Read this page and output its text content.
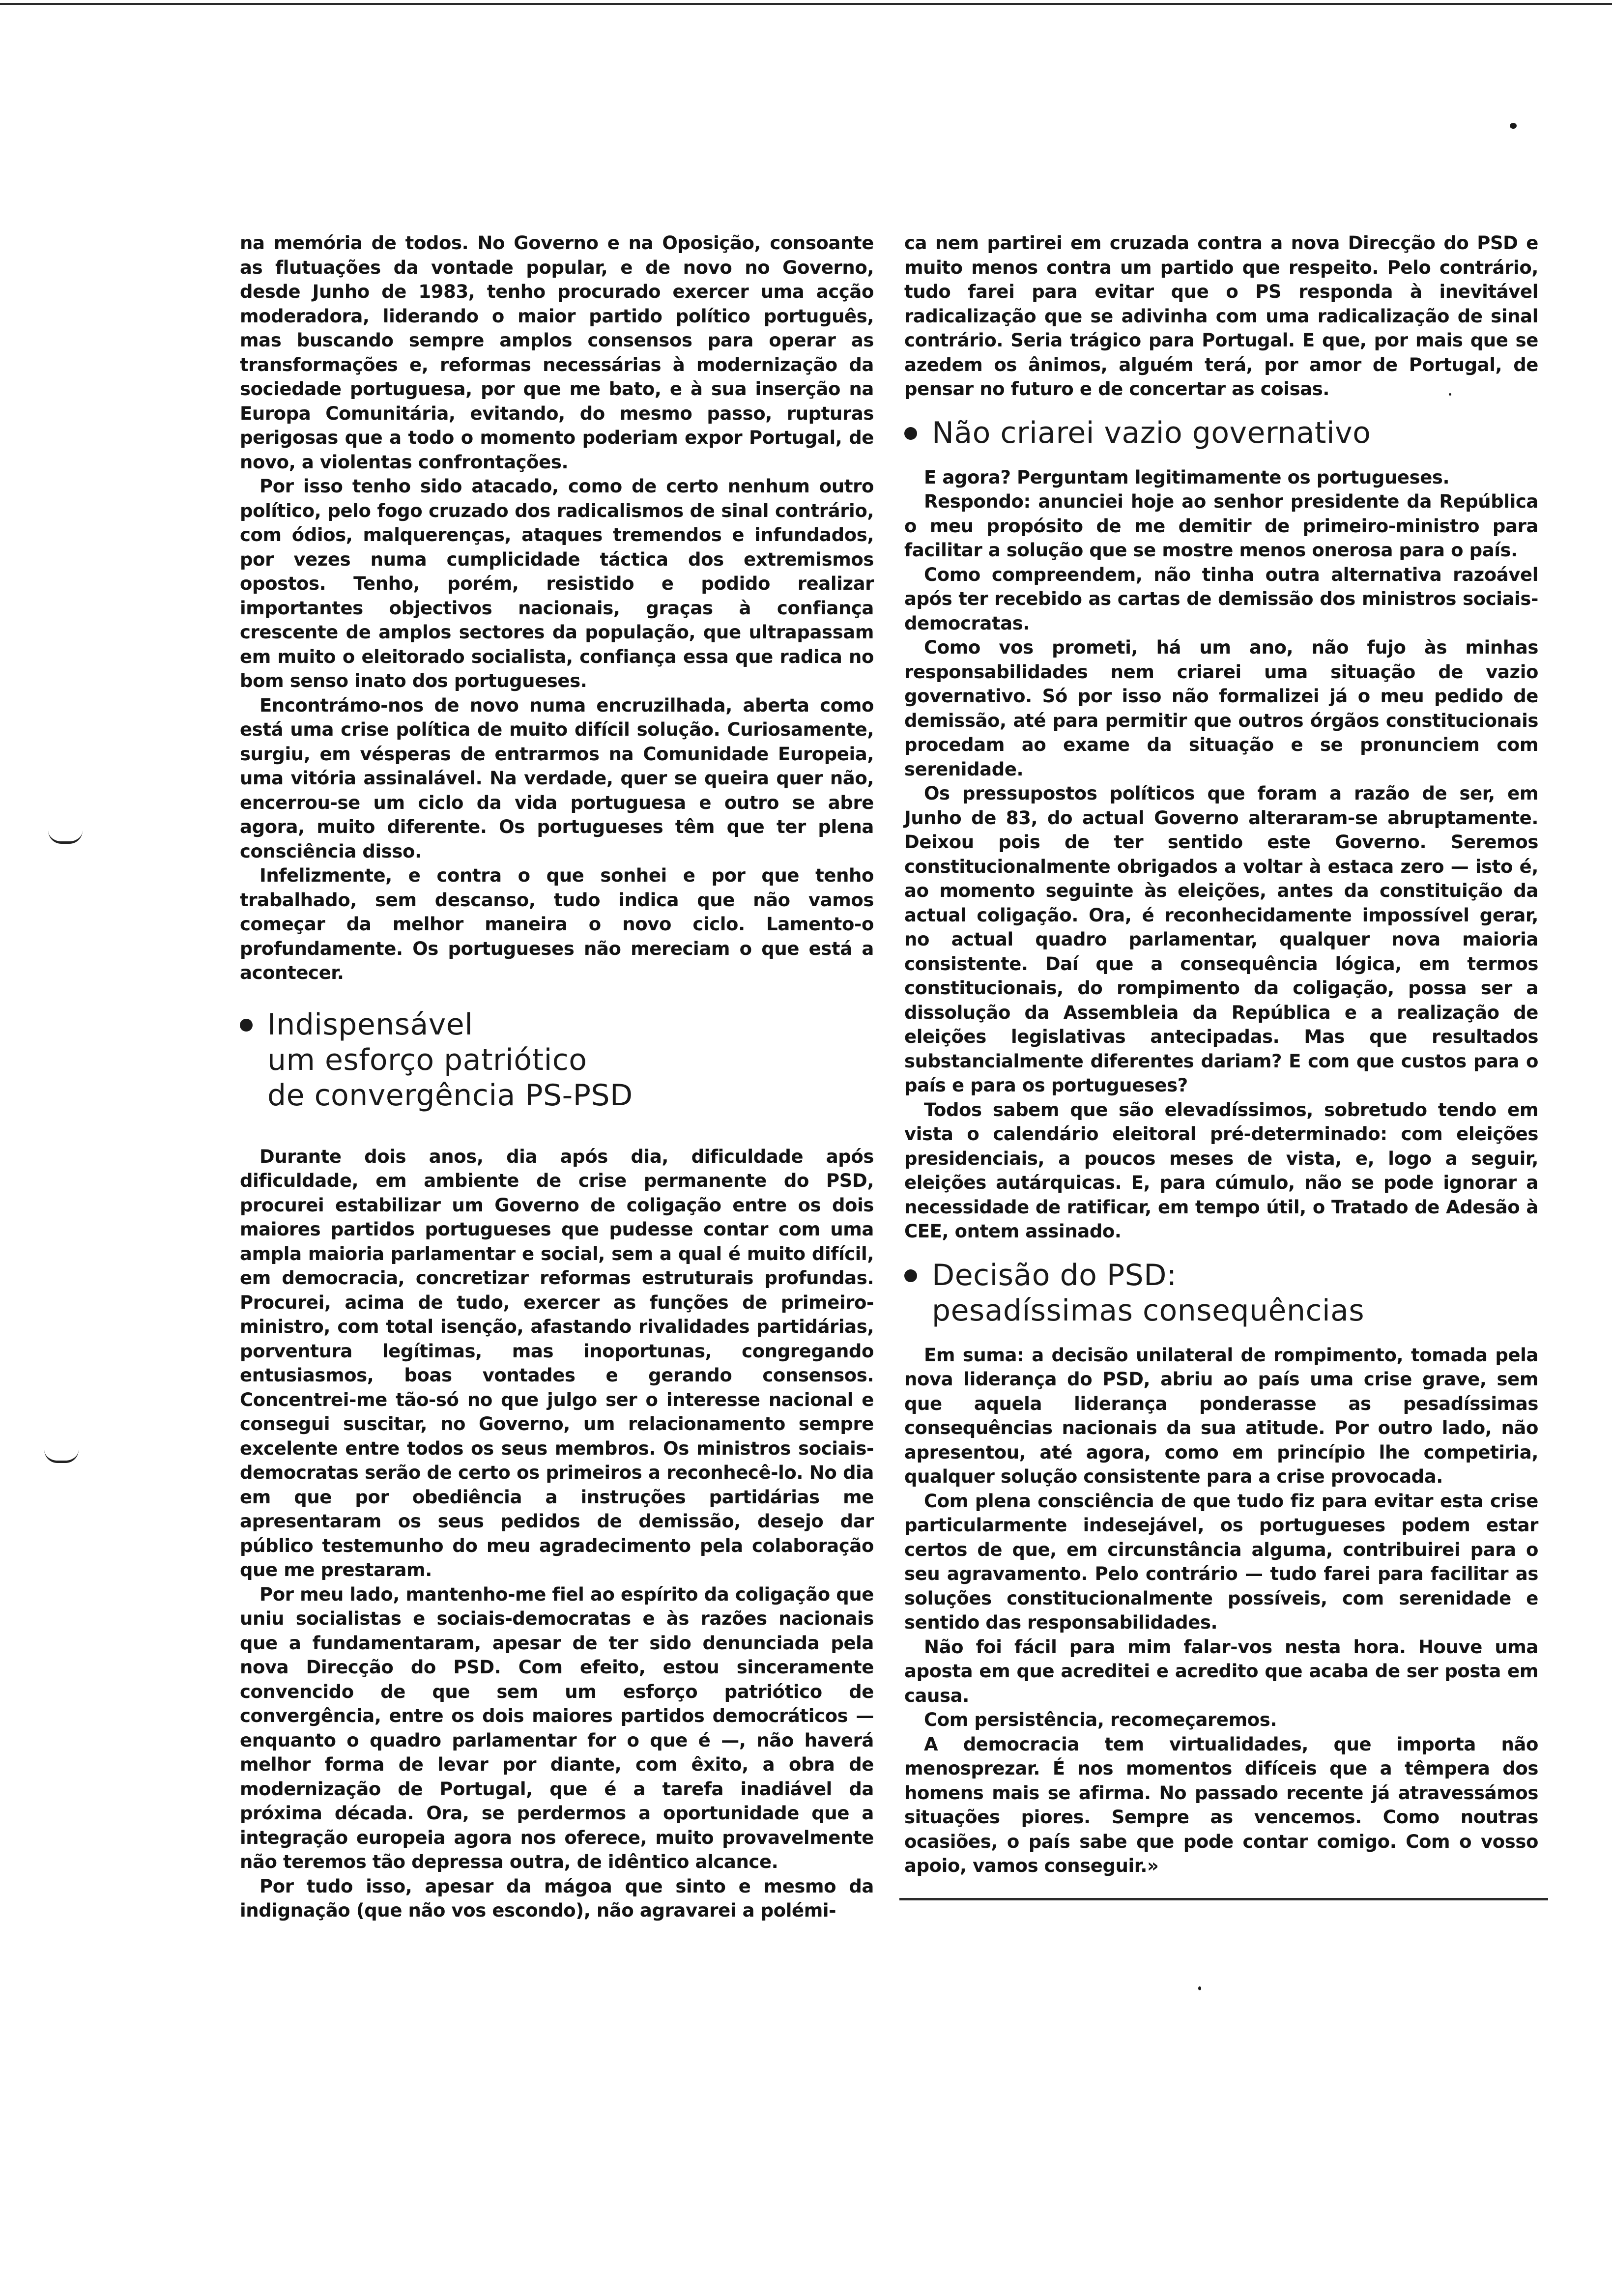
na memória de todos. No Governo e na Oposição, consoante as flutuações da vontade popular, e de novo no Governo, desde Junho de 1983, tenho procurado exercer uma acção moderadora, liderando o maior partido político português, mas buscando sempre amplos consensos para operar as transformações e, reformas necessárias à modernização da sociedade portuguesa, por que me bato, e à sua inserção na Europa Comunitária, evitando, do mesmo passo, rupturas perigosas que a todo o momento poderiam expor Portugal, de novo, a violentas confrontações.

Por isso tenho sido atacado, como de certo nenhum outro político, pelo fogo cruzado dos radicalismos de sinal contrário, com ódios, malquerenças, ataques tremendos e infundados, por vezes numa cumplicidade táctica dos extremismos opostos. Tenho, porém, resistido e podido realizar importantes objectivos nacionais, graças à confiança crescente de amplos sectores da população, que ultrapassam em muito o eleitorado socialista, confiança essa que radica no bom senso inato dos portugueses.

Encontrámo-nos de novo numa encruzilhada, aberta como está uma crise política de muito difícil solução. Curiosamente, surgiu, em vésperas de entrarmos na Comunidade Europeia, uma vitória assinalável. Na verdade, quer se queira quer não, encerrou-se um ciclo da vida portuguesa e outro se abre agora, muito diferente. Os portugueses têm que ter plena consciência disso.

Infelizmente, e contra o que sonhei e por que tenho trabalhado, sem descanso, tudo indica que não vamos começar da melhor maneira o novo ciclo. Lamento-o profundamente. Os portugueses não mereciam o que está a acontecer.

Indispensável
um esforço patriótico
de convergência PS-PSD

Durante dois anos, dia após dia, dificuldade após dificuldade, em ambiente de crise permanente do PSD, procurei estabilizar um Governo de coligação entre os dois maiores partidos portugueses que pudesse contar com uma ampla maioria parlamentar e social, sem a qual é muito difícil, em democracia, concretizar reformas estruturais profundas. Procurei, acima de tudo, exercer as funções de primeiro-ministro, com total isenção, afastando rivalidades partidárias, porventura legítimas, mas inoportunas, congregando entusiasmos, boas vontades e gerando consensos. Concentrei-me tão-só no que julgo ser o interesse nacional e consegui suscitar, no Governo, um relacionamento sempre excelente entre todos os seus membros. Os ministros sociais-democratas serão de certo os primeiros a reconhecê-lo. No dia em que por obediência a instruções partidárias me apresentaram os seus pedidos de demissão, desejo dar público testemunho do meu agradecimento pela colaboração que me prestaram.

Por meu lado, mantenho-me fiel ao espírito da coligação que uniu socialistas e sociais-democratas e às razões nacionais que a fundamentaram, apesar de ter sido denunciada pela nova Direcção do PSD. Com efeito, estou sinceramente convencido de que sem um esforço patriótico de convergência, entre os dois maiores partidos democráticos — enquanto o quadro parlamentar for o que é —, não haverá melhor forma de levar por diante, com êxito, a obra de modernização de Portugal, que é a tarefa inadiável da próxima década. Ora, se perdermos a oportunidade que a integração europeia agora nos oferece, muito provavelmente não teremos tão depressa outra, de idêntico alcance.

Por tudo isso, apesar da mágoa que sinto e mesmo da indignação (que não vos escondo), não agravarei a polémi-

ca nem partirei em cruzada contra a nova Direcção do PSD e muito menos contra um partido que respeito. Pelo contrário, tudo farei para evitar que o PS responda à inevitável radicalização que se adivinha com uma radicalização de sinal contrário. Seria trágico para Portugal. E que, por mais que se azedem os ânimos, alguém terá, por amor de Portugal, de pensar no futuro e de concertar as coisas.

Não criarei vazio governativo

E agora? Perguntam legitimamente os portugueses.

Respondo: anunciei hoje ao senhor presidente da República o meu propósito de me demitir de primeiro-ministro para facilitar a solução que se mostre menos onerosa para o país.

Como compreendem, não tinha outra alternativa razoável após ter recebido as cartas de demissão dos ministros sociais-democratas.

Como vos prometi, há um ano, não fujo às minhas responsabilidades nem criarei uma situação de vazio governativo. Só por isso não formalizei já o meu pedido de demissão, até para permitir que outros órgãos constitucionais procedam ao exame da situação e se pronunciem com serenidade.

Os pressupostos políticos que foram a razão de ser, em Junho de 83, do actual Governo alteraram-se abruptamente. Deixou pois de ter sentido este Governo. Seremos constitucionalmente obrigados a voltar à estaca zero — isto é, ao momento seguinte às eleições, antes da constituição da actual coligação. Ora, é reconhecidamente impossível gerar, no actual quadro parlamentar, qualquer nova maioria consistente. Daí que a consequência lógica, em termos constitucionais, do rompimento da coligação, possa ser a dissolução da Assembleia da República e a realização de eleições legislativas antecipadas. Mas que resultados substancialmente diferentes dariam? E com que custos para o país e para os portugueses?

Todos sabem que são elevadíssimos, sobretudo tendo em vista o calendário eleitoral pré-determinado: com eleições presidenciais, a poucos meses de vista, e, logo a seguir, eleições autárquicas. E, para cúmulo, não se pode ignorar a necessidade de ratificar, em tempo útil, o Tratado de Adesão à CEE, ontem assinado.

Decisão do PSD:
pesadíssimas consequências

Em suma: a decisão unilateral de rompimento, tomada pela nova liderança do PSD, abriu ao país uma crise grave, sem que aquela liderança ponderasse as pesadíssimas consequências nacionais da sua atitude. Por outro lado, não apresentou, até agora, como em princípio lhe competiria, qualquer solução consistente para a crise provocada.

Com plena consciência de que tudo fiz para evitar esta crise particularmente indesejável, os portugueses podem estar certos de que, em circunstância alguma, contribuirei para o seu agravamento. Pelo contrário — tudo farei para facilitar as soluções constitucionalmente possíveis, com serenidade e sentido das responsabilidades.

Não foi fácil para mim falar-vos nesta hora. Houve uma aposta em que acreditei e acredito que acaba de ser posta em causa.

Com persistência, recomeçaremos.

A democracia tem virtualidades, que importa não menosprezar. É nos momentos difíceis que a têmpera dos homens mais se afirma. No passado recente já atravessámos situações piores. Sempre as vencemos. Como noutras ocasiões, o país sabe que pode contar comigo. Com o vosso apoio, vamos conseguir.»
